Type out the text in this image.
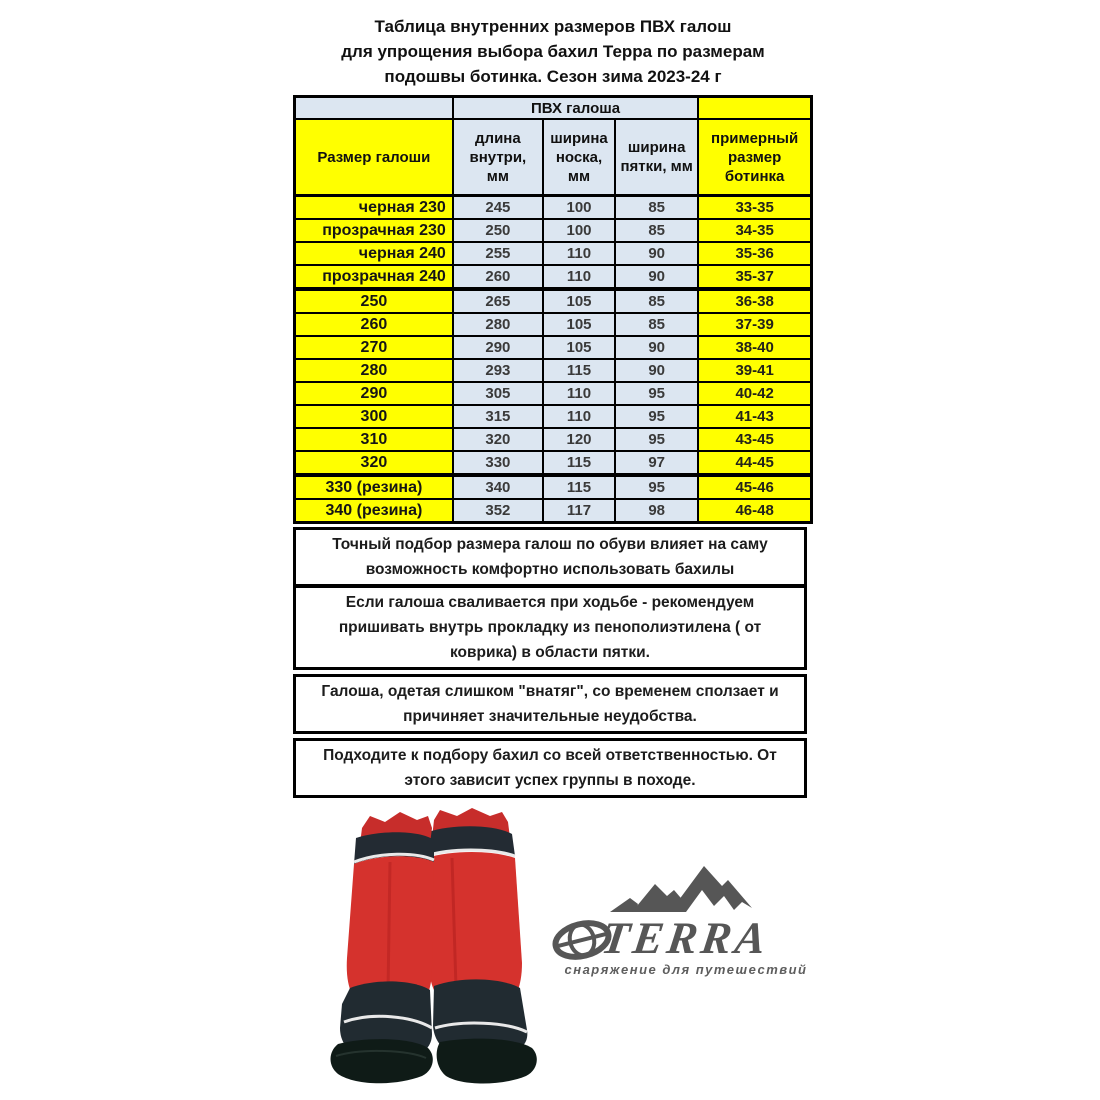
Таблица внутренних размеров ПВХ галош
для упрощения выбора бахил Терра по размерам
подошвы ботинка. Сезон зима 2023-24 г
	ПВХ галоша			
Размер галоши	длина внутри, мм	ширина носка, мм	ширина пятки, мм	примерный размер ботинка
черная 230	245	100	85	33-35
прозрачная 230	250	100	85	34-35
черная 240	255	110	90	35-36
прозрачная 240	260	110	90	35-37
250	265	105	85	36-38
260	280	105	85	37-39
270	290	105	90	38-40
280	293	115	90	39-41
290	305	110	95	40-42
300	315	110	95	41-43
310	320	120	95	43-45
320	330	115	97	44-45
330 (резина)	340	115	95	45-46
340 (резина)	352	117	98	46-48
Точный подбор размера галош по обуви влияет на саму возможность комфортно использовать бахилы
Если галоша сваливается при ходьбе - рекомендуем пришивать внутрь прокладку из пенополиэтилена ( от коврика) в области пятки.
Галоша, одетая слишком "внатяг", со временем сползает и причиняет значительные неудобства.
Подходите к подбору бахил со всей ответственностью. От этого зависит успех группы в походе.
TERRA
снаряжение для путешествий
